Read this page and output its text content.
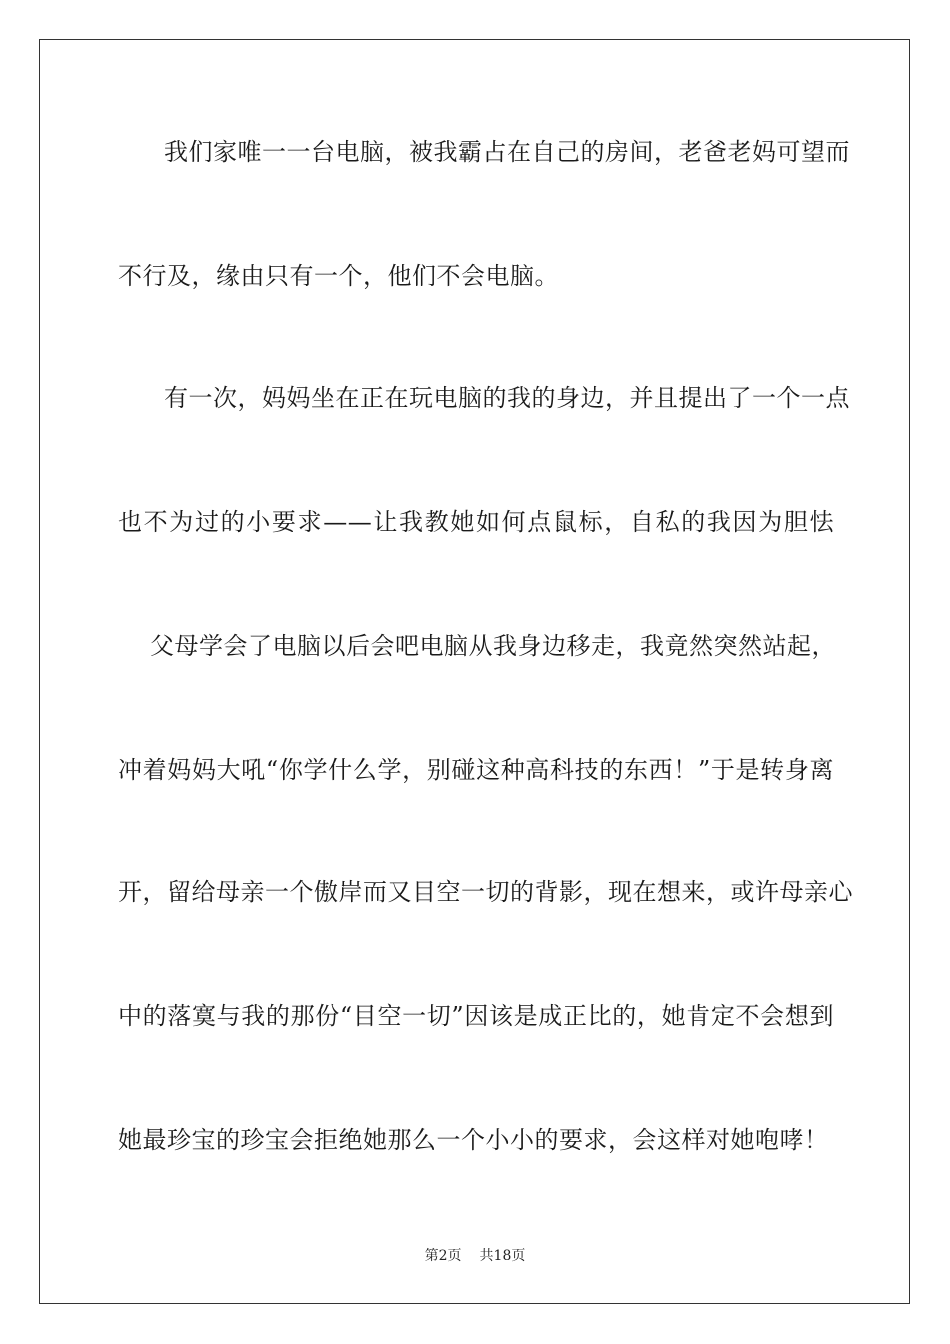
我们家唯一一台电脑，被我霸占在自己的房间，老爸老妈可望而
不行及，缘由只有一个，他们不会电脑。
有一次，妈妈坐在正在玩电脑的我的身边，并且提出了一个一点
也不为过的小要求——让我教她如何点鼠标，自私的我因为胆怯
父母学会了电脑以后会吧电脑从我身边移走，我竟然突然站起，
冲着妈妈大吼“你学什么学，别碰这种高科技的东西！”于是转身离
开，留给母亲一个傲岸而又目空一切的背影，现在想来，或许母亲心
中的落寞与我的那份“目空一切”因该是成正比的，她肯定不会想到
她最珍宝的珍宝会拒绝她那么一个小小的要求，会这样对她咆哮！
第2页 共18页
